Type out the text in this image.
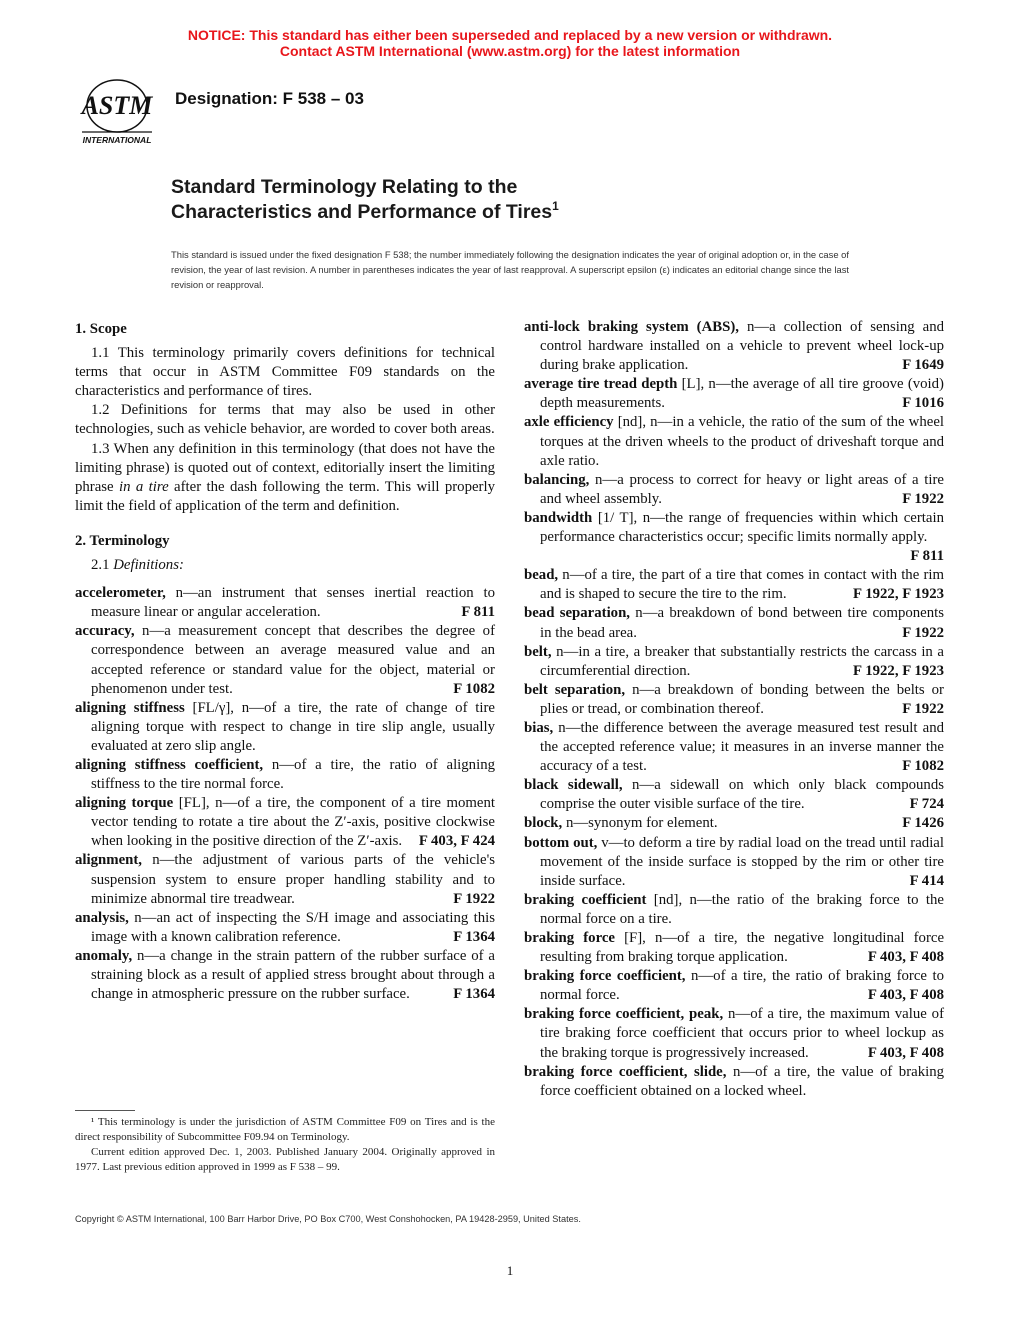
NOTICE: This standard has either been superseded and replaced by a new version or withdrawn.
Contact ASTM International (www.astm.org) for the latest information
ASTM
INTERNATIONAL
Designation: F 538 – 03
Standard Terminology Relating to the
Characteristics and Performance of Tires$^1$
This standard is issued under the fixed designation F 538; the number immediately following the designation indicates the year of original adoption or, in the case of revision, the year of last revision. A number in parentheses indicates the year of last reapproval. A superscript epsilon (ε) indicates an editorial change since the last revision or reapproval.
1. Scope

1.1 This terminology primarily covers definitions for technical terms that occur in ASTM Committee F09 standards on the characteristics and performance of tires.

1.2 Definitions for terms that may also be used in other technologies, such as vehicle behavior, are worded to cover both areas.

1.3 When any definition in this terminology (that does not have the limiting phrase) is quoted out of context, editorially insert the limiting phrase in a tire after the dash following the term. This will properly limit the field of application of the term and definition.

2. Terminology
2.1 Definitions:

accelerometer, n—an instrument that senses inertial reaction to measure linear or angular acceleration.	F 811

accuracy, n—a measurement concept that describes the degree of correspondence between an average measured value and an accepted reference or standard value for the object, material or phenomenon under test.	F 1082

aligning stiffness [FL/γ], n—of a tire, the rate of change of tire aligning torque with respect to change in tire slip angle, usually evaluated at zero slip angle.

aligning stiffness coefficient, n—of a tire, the ratio of aligning stiffness to the tire normal force.

aligning torque [FL], n—of a tire, the component of a tire moment vector tending to rotate a tire about the Z′-axis, positive clockwise when looking in the positive direction of the Z′-axis.	F 403, F 424

alignment, n—the adjustment of various parts of the vehicle's suspension system to ensure proper handling stability and to minimize abnormal tire treadwear.	F 1922

analysis, n—an act of inspecting the S/H image and associating this image with a known calibration reference.	F 1364

anomaly, n—a change in the strain pattern of the rubber surface of a straining block as a result of applied stress brought about through a change in atmospheric pressure on the rubber surface.	F 1364

anti-lock braking system (ABS), n—a collection of sensing and control hardware installed on a vehicle to prevent wheel lock-up during brake application.	F 1649

average tire tread depth [L], n—the average of all tire groove (void) depth measurements.	F 1016

axle efficiency [nd], n—in a vehicle, the ratio of the sum of the wheel torques at the driven wheels to the product of driveshaft torque and axle ratio.

balancing, n—a process to correct for heavy or light areas of a tire and wheel assembly.	F 1922

bandwidth [1/ T], n—the range of frequencies within which certain performance characteristics occur; specific limits normally apply.
F 811

bead, n—of a tire, the part of a tire that comes in contact with the rim and is shaped to secure the tire to the rim.	F 1922, F 1923

bead separation, n—a breakdown of bond between tire components in the bead area.	F 1922

belt, n—in a tire, a breaker that substantially restricts the carcass in a circumferential direction.	F 1922, F 1923

belt separation, n—a breakdown of bonding between the belts or plies or tread, or combination thereof.	F 1922

bias, n—the difference between the average measured test result and the accepted reference value; it measures in an inverse manner the accuracy of a test.	F 1082

black sidewall, n—a sidewall on which only black compounds comprise the outer visible surface of the tire.	F 724

block, n—synonym for element.	F 1426

bottom out, v—to deform a tire by radial load on the tread until radial movement of the inside surface is stopped by the rim or other tire inside surface.	F 414

braking coefficient [nd], n—the ratio of the braking force to the normal force on a tire.

braking force [F], n—of a tire, the negative longitudinal force resulting from braking torque application.	F 403, F 408

braking force coefficient, n—of a tire, the ratio of braking force to normal force.	F 403, F 408

braking force coefficient, peak, n—of a tire, the maximum value of tire braking force coefficient that occurs prior to wheel lockup as the braking torque is progressively increased.	F 403, F 408

braking force coefficient, slide, n—of a tire, the value of braking force coefficient obtained on a locked wheel.

¹ This terminology is under the jurisdiction of ASTM Committee F09 on Tires and is the direct responsibility of Subcommittee F09.94 on Terminology.

Current edition approved Dec. 1, 2003. Published January 2004. Originally approved in 1977. Last previous edition approved in 1999 as F 538 – 99.

Copyright © ASTM International, 100 Barr Harbor Drive, PO Box C700, West Conshohocken, PA 19428-2959, United States.
1
